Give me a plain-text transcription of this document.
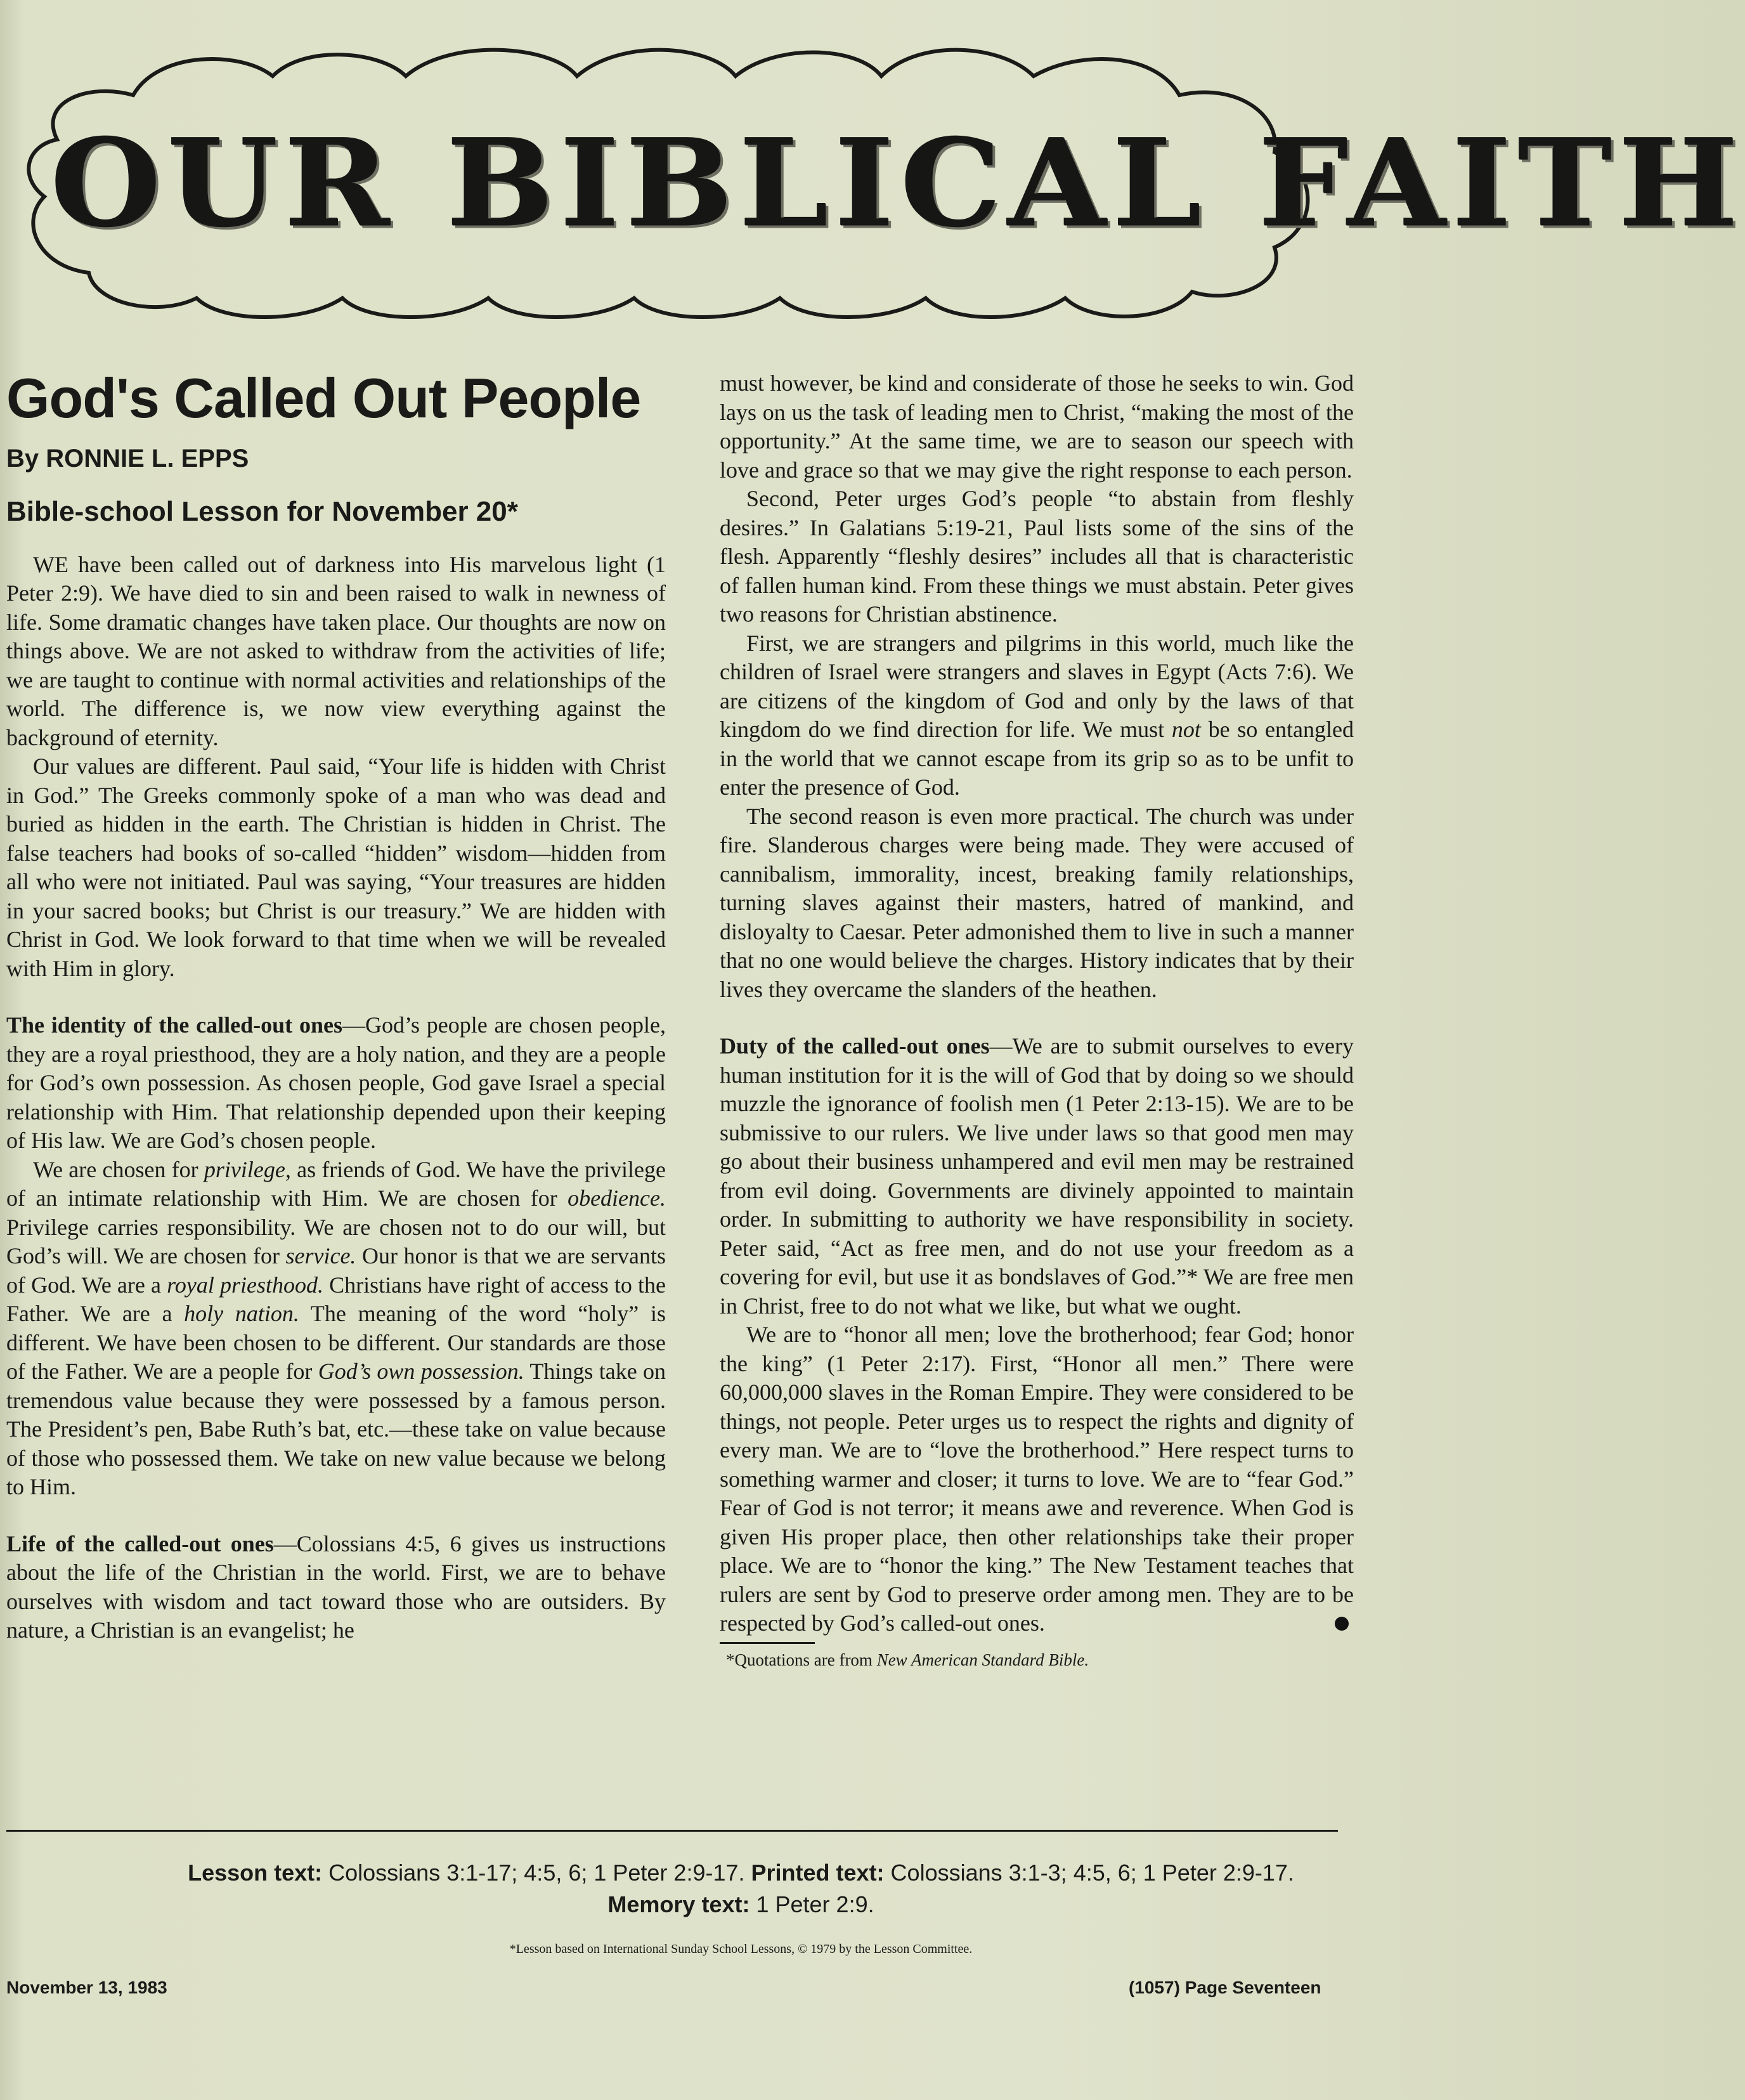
OUR BIBLICAL FAITH
God's Called Out People
By RONNIE L. EPPS
Bible-school Lesson for November 20*

WE have been called out of darkness into His marvelous light (1 Peter 2:9). We have died to sin and been raised to walk in newness of life. Some dramatic changes have taken place. Our thoughts are now on things above. We are not asked to withdraw from the activities of life; we are taught to continue with normal activities and relationships of the world. The difference is, we now view everything against the background of eternity.

Our values are different. Paul said, “Your life is hidden with Christ in God.” The Greeks commonly spoke of a man who was dead and buried as hidden in the earth. The Christian is hidden in Christ. The false teachers had books of so-called “hidden” wisdom—hidden from all who were not initiated. Paul was saying, “Your treasures are hidden in your sacred books; but Christ is our treasury.” We are hidden with Christ in God. We look forward to that time when we will be revealed with Him in glory.

The identity of the called-out ones—God’s people are chosen people, they are a royal priesthood, they are a holy nation, and they are a people for God’s own possession. As chosen people, God gave Israel a special relationship with Him. That relationship depended upon their keeping of His law. We are God’s chosen people.

We are chosen for privilege, as friends of God. We have the privilege of an intimate relationship with Him. We are chosen for obedience. Privilege carries responsibility. We are chosen not to do our will, but God’s will. We are chosen for service. Our honor is that we are servants of God. We are a royal priesthood. Christians have right of access to the Father. We are a holy nation. The meaning of the word “holy” is different. We have been chosen to be different. Our standards are those of the Father. We are a people for God’s own possession. Things take on tremendous value because they were possessed by a famous person. The President’s pen, Babe Ruth’s bat, etc.—these take on value because of those who possessed them. We take on new value because we belong to Him.

Life of the called-out ones—Colossians 4:5, 6 gives us instructions about the life of the Christian in the world. First, we are to behave ourselves with wisdom and tact toward those who are outsiders. By nature, a Christian is an evangelist; he

must however, be kind and considerate of those he seeks to win. God lays on us the task of leading men to Christ, “making the most of the opportunity.” At the same time, we are to season our speech with love and grace so that we may give the right response to each person.

Second, Peter urges God’s people “to abstain from fleshly desires.” In Galatians 5:19-21, Paul lists some of the sins of the flesh. Apparently “fleshly desires” includes all that is characteristic of fallen human kind. From these things we must abstain. Peter gives two reasons for Christian abstinence.

First, we are strangers and pilgrims in this world, much like the children of Israel were strangers and slaves in Egypt (Acts 7:6). We are citizens of the kingdom of God and only by the laws of that kingdom do we find direction for life. We must not be so entangled in the world that we cannot escape from its grip so as to be unfit to enter the presence of God.

The second reason is even more practical. The church was under fire. Slanderous charges were being made. They were accused of cannibalism, immorality, incest, breaking family relationships, turning slaves against their masters, hatred of mankind, and disloyalty to Caesar. Peter admonished them to live in such a manner that no one would believe the charges. History indicates that by their lives they overcame the slanders of the heathen.

Duty of the called-out ones—We are to submit ourselves to every human institution for it is the will of God that by doing so we should muzzle the ignorance of foolish men (1 Peter 2:13-15). We are to be submissive to our rulers. We live under laws so that good men may go about their business unhampered and evil men may be restrained from evil doing. Governments are divinely appointed to maintain order. In submitting to authority we have responsibility in society. Peter said, “Act as free men, and do not use your freedom as a covering for evil, but use it as bondslaves of God.”* We are free men in Christ, free to do not what we like, but what we ought.

We are to “honor all men; love the brotherhood; fear God; honor the king” (1 Peter 2:17). First, “Honor all men.” There were 60,000,000 slaves in the Roman Empire. They were considered to be things, not people. Peter urges us to respect the rights and dignity of every man. We are to “love the brotherhood.” Here respect turns to something warmer and closer; it turns to love. We are to “fear God.” Fear of God is not terror; it means awe and reverence. When God is given His proper place, then other relationships take their proper place. We are to “honor the king.” The New Testament teaches that rulers are sent by God to preserve order among men. They are to be respected by God’s called-out ones.

*Quotations are from New American Standard Bible.
Lesson text: Colossians 3:1-17; 4:5, 6; 1 Peter 2:9-17. Printed text: Colossians 3:1-3; 4:5, 6; 1 Peter 2:9-17.
Memory text: 1 Peter 2:9.
*Lesson based on International Sunday School Lessons, © 1979 by the Lesson Committee.
November 13, 1983	(1057) Page Seventeen
